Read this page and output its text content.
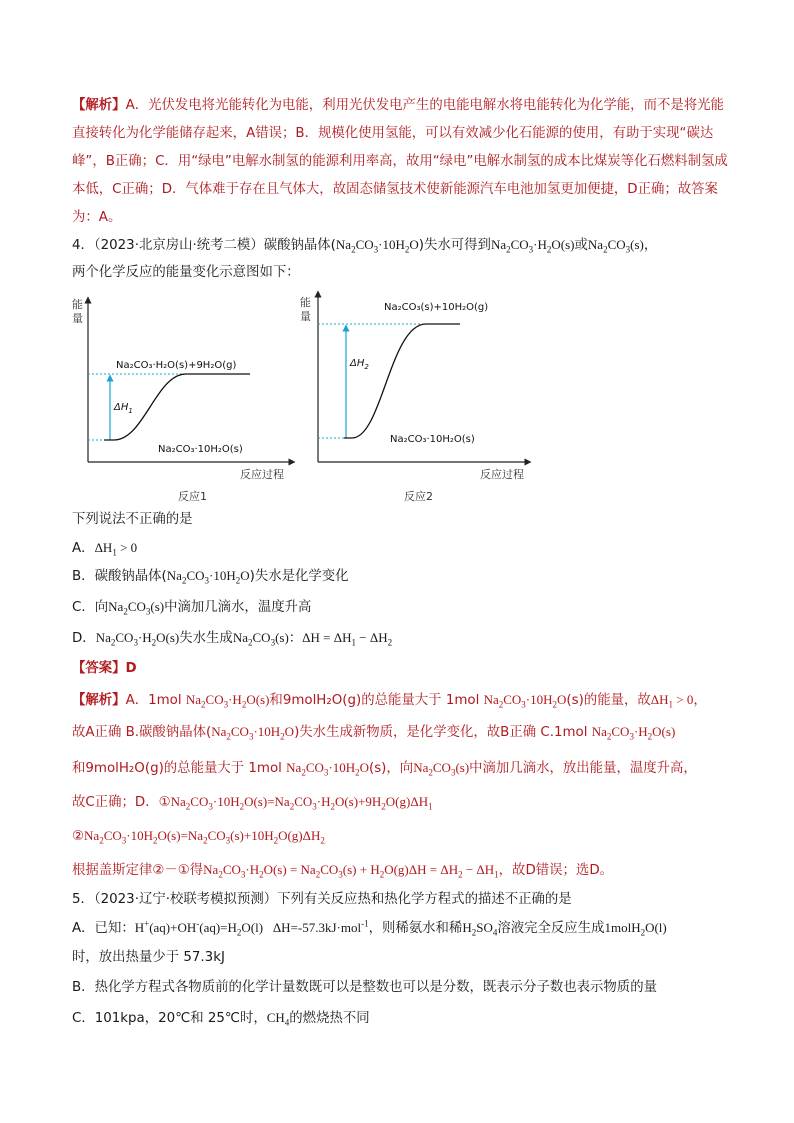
【解析】A．光伏发电将光能转化为电能，利用光伏发电产生的电能电解水将电能转化为化学能，而不是将光能直接转化为化学能储存起来，A错误；B．规模化使用氢能，可以有效减少化石能源的使用，有助于实现“碳达峰”，B正确；C．用“绿电”电解水制氢的能源利用率高，故用“绿电”电解水制氢的成本比煤炭等化石燃料制氢成本低，C正确；D．气体难于存在且气体大，故固态储氢技术使新能源汽车电池加氢更加便捷，D正确；故答案为：A。
4．（2023·北京房山·统考二模）碳酸钠晶体$(Na_2CO_3\cdot 10H_2O)$失水可得到$Na_2CO_3\cdot H_2O(s)$或$Na_2CO_3(s)$，
两个化学反应的能量变化示意图如下：
能
量
反应过程
Na₂CO₃·H₂O(s)+9H₂O(g)
Na₂CO₃·10H₂O(s)
$\Delta H_1$
反应1
能
量
反应过程
Na₂CO₃(s)+10H₂O(g)
Na₂CO₃·10H₂O(s)
$\Delta H_2$
反应2
下列说法不正确的是
A．$\Delta H_1 > 0$
B．碳酸钠晶体$(Na_2CO_3\cdot 10H_2O)$失水是化学变化
C．向$Na_2CO_3(s)$中滴加几滴水，温度升高
D．$Na_2CO_3\cdot H_2O(s)$失水生成$Na_2CO_3(s)$：$\Delta H = \Delta H_1 - \Delta H_2$
【答案】D
【解析】A．1mol $Na_2CO_3\cdot H_2O(s)$和9molH₂O(g)的总能量大于 1mol $Na_2CO_3\cdot 10H_2O(s)$的能量，故$\Delta H_1 > 0$，
故A正确 B.碳酸钠晶体$(Na_2CO_3\cdot 10H_2O)$失水生成新物质，是化学变化，故B正确 C.1mol $Na_2CO_3\cdot H_2O(s)$
和9molH₂O(g)的总能量大于 1mol $Na_2CO_3\cdot 10H_2O(s)$，向$Na_2CO_3(s)$中滴加几滴水，放出能量，温度升高，
故C正确；D．$①Na_2CO_3\cdot 10H_2O(s)=Na_2CO_3\cdot H_2O(s)+9H_2O(g)\Delta H_1$
$②Na_2CO_3\cdot 10H_2O(s)=Na_2CO_3(s)+10H_2O(g)\Delta H_2$
根据盖斯定律②－①得$Na_2CO_3\cdot H_2O(s) = Na_2CO_3(s) + H_2O(g)\Delta H = \Delta H_2 - \Delta H_1$，故D错误；选D。
5．（2023·辽宁·校联考模拟预测）下列有关反应热和热化学方程式的描述不正确的是
A．已知：$H^+(aq)+OH^-(aq)=H_2O(l)$   ΔH=-57.3kJ·mol$^{-1}$，则稀氨水和稀$H_2SO_4$溶液完全反应生成1molH$_2$O(l)
时，放出热量少于 57.3kJ
B．热化学方程式各物质前的化学计量数既可以是整数也可以是分数，既表示分子数也表示物质的量
C．101kpa，20℃和 25℃时，$CH_4$的燃烧热不同
